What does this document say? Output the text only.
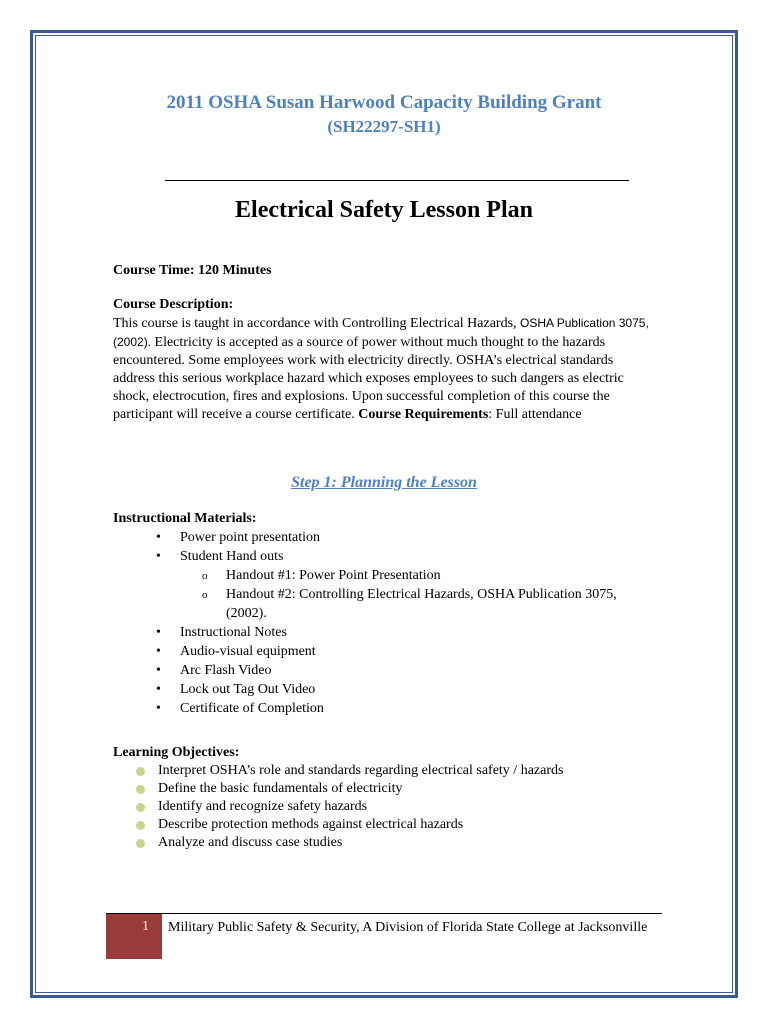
2011 OSHA Susan Harwood Capacity Building Grant
(SH22297-SH1)
Electrical Safety Lesson Plan
Course Time: 120 Minutes
Course Description:
This course is taught in accordance with Controlling Electrical Hazards, OSHA Publication 3075, (2002). Electricity is accepted as a source of power without much thought to the hazards encountered. Some employees work with electricity directly. OSHA’s electrical standards address this serious workplace hazard which exposes employees to such dangers as electric shock, electrocution, fires and explosions. Upon successful completion of this course the participant will receive a course certificate. Course Requirements: Full attendance
Step 1: Planning the Lesson
Instructional Materials:
• Power point presentation
• Student Hand outs
o Handout #1: Power Point Presentation
o Handout #2: Controlling Electrical Hazards, OSHA Publication 3075,
(2002).
• Instructional Notes
• Audio-visual equipment
• Arc Flash Video
• Lock out Tag Out Video
• Certificate of Completion
Learning Objectives:
Interpret OSHA’s role and standards regarding electrical safety / hazards
Define the basic fundamentals of electricity
Identify and recognize safety hazards
Describe protection methods against electrical hazards
Analyze and discuss case studies
1 Military Public Safety & Security, A Division of Florida State College at Jacksonville
